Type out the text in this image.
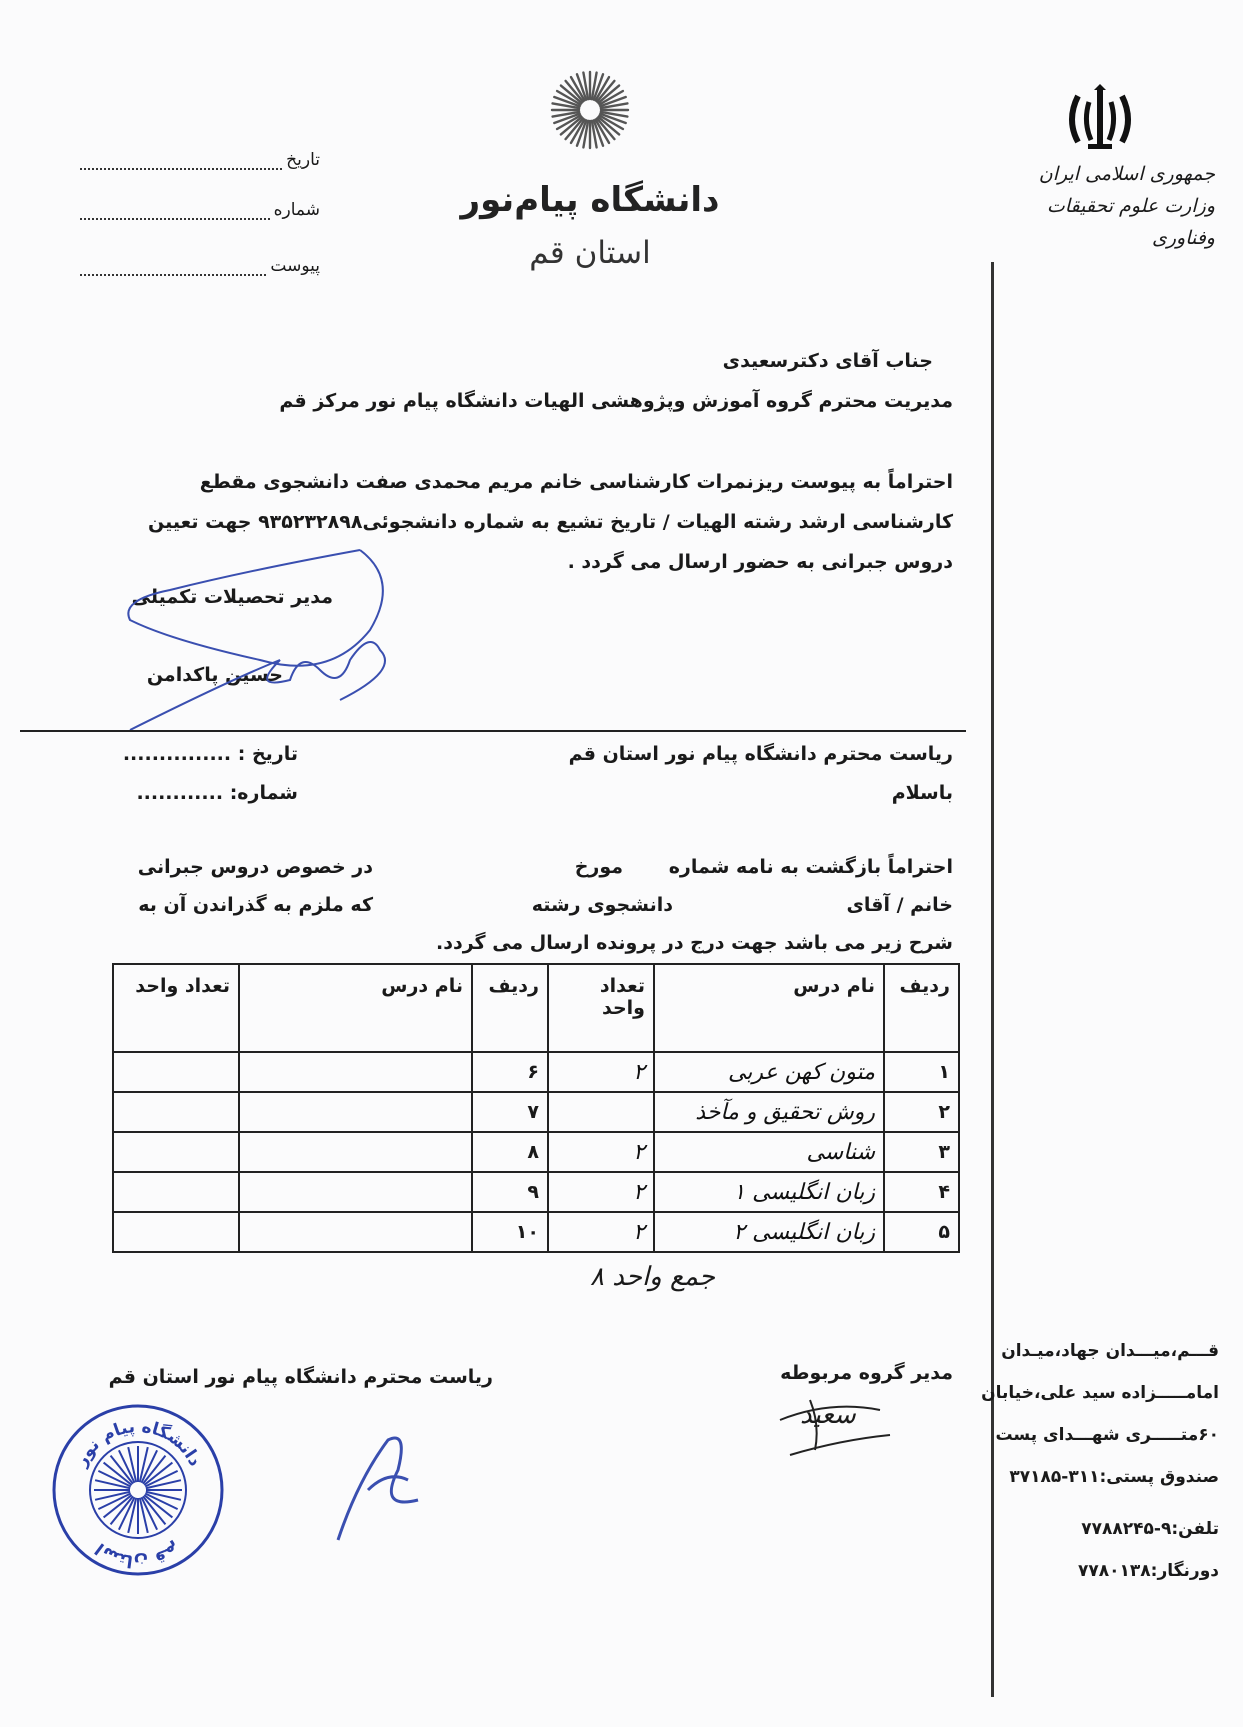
جمهوری اسلامی ایران
وزارت علوم تحقیقات وفناوری
دانشگاه پیام‌نور
استان قم
تاریخ
شماره
پیوست
جناب آقای دکترسعیدی
مدیریت محترم گروه آموزش وپژوهشی الهیات دانشگاه پیام نور مرکز قم
احتراماً به پیوست ریزنمرات کارشناسی خانم مریم محمدی صفت دانشجوی مقطع
کارشناسی ارشد رشته الهیات / تاریخ تشیع به شماره دانشجوئی۹۳۵۲۳۲۸۹۸ جهت تعیین
دروس جبرانی به حضور ارسال می گردد .
مدیر تحصیلات تکمیلی
حسین پاکدامن
ریاست محترم دانشگاه پیام نور استان قم
باسلام
تاریخ : ...............
شماره: ............
احتراماً بازگشت به نامه شماره
مورخ
در خصوص دروس جبرانی
خانم / آقای
دانشجوی رشته
که ملزم به گذراندن آن به
شرح زیر می باشد جهت درج در پرونده ارسال می گردد.
ردیف	نام درس	تعداد واحد	ردیف	نام درس	تعداد واحد
۱	متون کهن عربی	۲	۶		
۲	روش تحقیق و مآخذ		۷		
۳	شناسی	۲	۸		
۴	زبان انگلیسی ۱	۲	۹		
۵	زبان انگلیسی ۲	۲	۱۰		
جمع واحد ۸
مدیر گروه مربوطه
سعید
ریاست محترم دانشگاه پیام نور استان قم
دانشگاه پیام نور
استان قم
قـــم،میـــدان جهاد،میـدان
امامـــــزاده سید علی،خیابان
۶۰متـــــری شهـــدای پست
صندوق پستی:۳۱۱-۳۷۱۸۵
تلفن:۹-۷۷۸۸۲۴۵
دورنگار:۷۷۸۰۱۳۸
